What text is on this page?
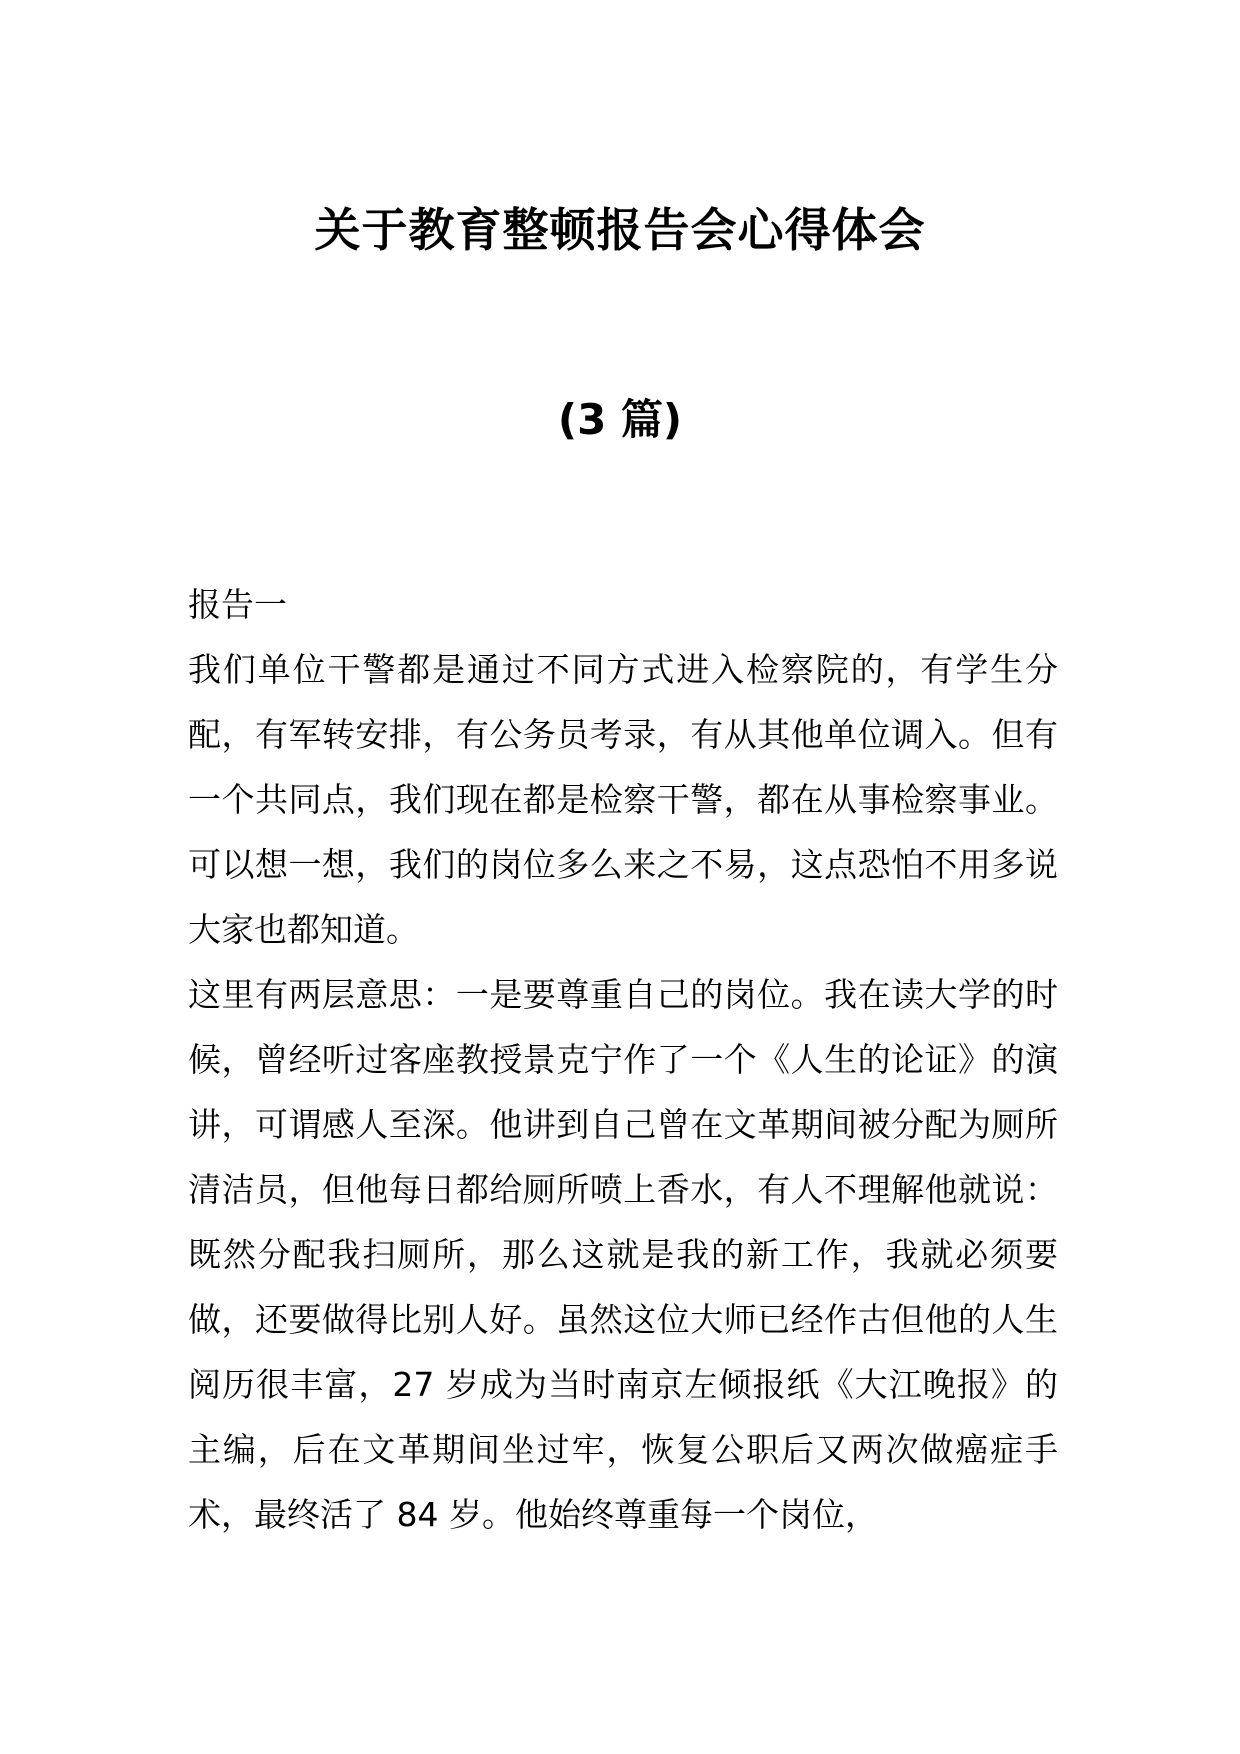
关于教育整顿报告会心得体会
(3 篇)

报告一

我们单位干警都是通过不同方式进入检察院的，有学生分配，有军转安排，有公务员考录，有从其他单位调入。但有一个共同点，我们现在都是检察干警，都在从事检察事业。可以想一想，我们的岗位多么来之不易，这点恐怕不用多说大家也都知道。

这里有两层意思：一是要尊重自己的岗位。我在读大学的时候，曾经听过客座教授景克宁作了一个《人生的论证》的演讲，可谓感人至深。他讲到自己曾在文革期间被分配为厕所清洁员，但他每日都给厕所喷上香水，有人不理解他就说：既然分配我扫厕所，那么这就是我的新工作，我就必须要做，还要做得比别人好。虽然这位大师已经作古但他的人生阅历很丰富，27 岁成为当时南京左倾报纸《大江晚报》的主编，后在文革期间坐过牢，恢复公职后又两次做癌症手术，最终活了 84 岁。他始终尊重每一个岗位，
